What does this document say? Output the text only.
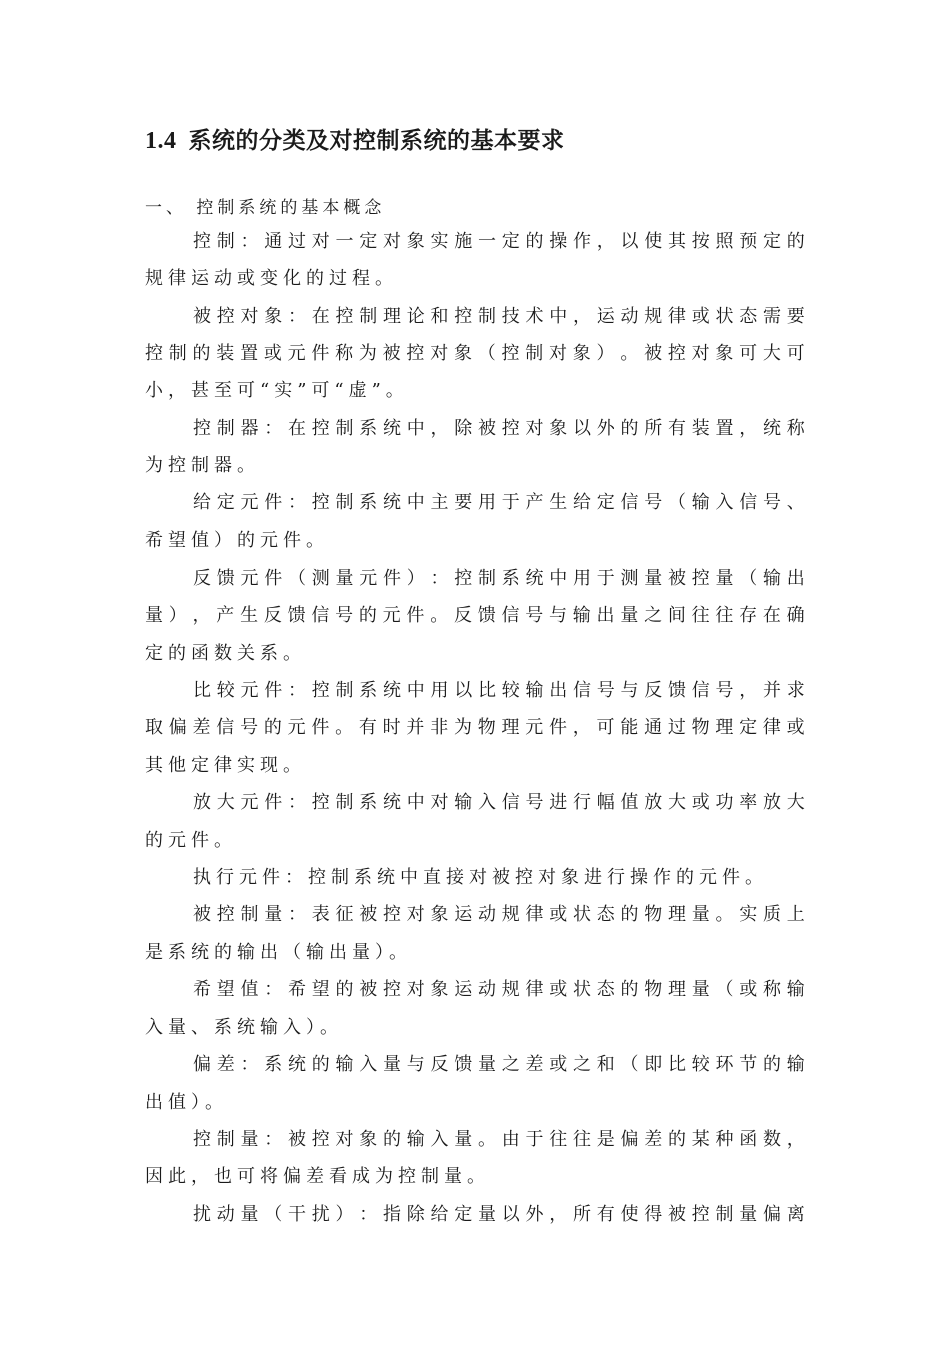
1.4 系统的分类及对控制系统的基本要求
一、 控制系统的基本概念
控 制 ： 通 过 对 一 定 对 象 实 施 一 定 的 操 作 ， 以 使 其 按 照 预 定 的
规律运动或变化的过程。
被 控 对 象 ： 在 控 制 理 论 和 控 制 技 术 中 ， 运 动 规 律 或 状 态 需 要
控 制 的 装 置 或 元 件 称 为 被 控 对 象 （ 控 制 对 象 ） 。 被 控 对 象 可 大 可
小，甚至可“实”可“虚”。
控 制 器 ： 在 控 制 系 统 中 ， 除 被 控 对 象 以 外 的 所 有 装 置 ， 统 称
为控制器。
给 定 元 件 ： 控 制 系 统 中 主 要 用 于 产 生 给 定 信 号 （ 输 入 信 号 、
希望值）的元件。
反 馈 元 件 （ 测 量 元 件 ） ： 控 制 系 统 中 用 于 测 量 被 控 量 （ 输 出
量 ） ， 产 生 反 馈 信 号 的 元 件 。 反 馈 信 号 与 输 出 量 之 间 往 往 存 在 确
定的函数关系。
比 较 元 件 ： 控 制 系 统 中 用 以 比 较 输 出 信 号 与 反 馈 信 号 ， 并 求
取 偏 差 信 号 的 元 件 。 有 时 并 非 为 物 理 元 件 ， 可 能 通 过 物 理 定 律 或
其他定律实现。
放 大 元 件 ： 控 制 系 统 中 对 输 入 信 号 进 行 幅 值 放 大 或 功 率 放 大
的元件。
执行元件：控制系统中直接对被控对象进行操作的元件。
被 控 制 量 ： 表 征 被 控 对 象 运 动 规 律 或 状 态 的 物 理 量 。 实 质 上
是系统的输出（输出量）。
希 望 值 ： 希 望 的 被 控 对 象 运 动 规 律 或 状 态 的 物 理 量 （ 或 称 输
入量、系统输入）。
偏 差 ： 系 统 的 输 入 量 与 反 馈 量 之 差 或 之 和 （ 即 比 较 环 节 的 输
出值）。
控 制 量 ： 被 控 对 象 的 输 入 量 。 由 于 往 往 是 偏 差 的 某 种 函 数 ，
因此，也可将偏差看成为控制量。
扰 动 量 （ 干 扰 ） ： 指 除 给 定 量 以 外 ， 所 有 使 得 被 控 制 量 偏 离
